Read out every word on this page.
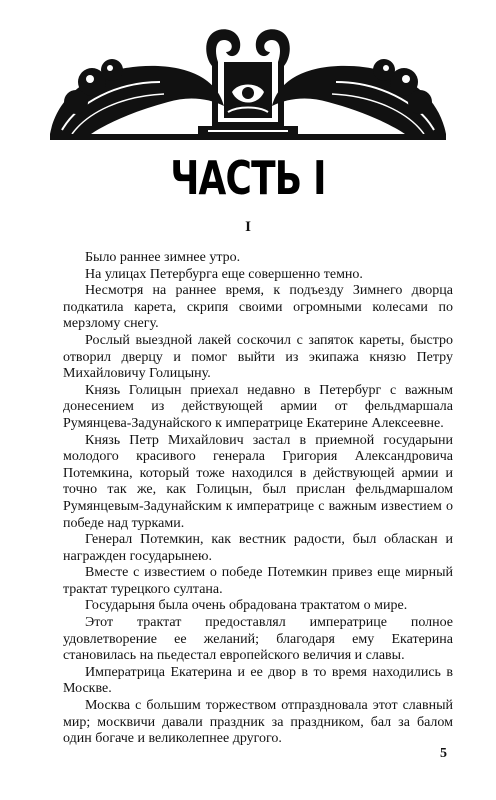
ЧАСТЬ I
I

Было раннее зимнее утро.

На улицах Петербурга еще совершенно темно.

Несмотря на раннее время, к подъезду Зимнего дворца подкатила карета, скрипя своими огромными колесами по мерзлому снегу.

Рослый выездной лакей соскочил с запяток кареты, быстро отворил дверцу и помог выйти из экипажа князю Петру Михайловичу Голицыну.

Князь Голицын приехал недавно в Петербург с важным донесением из действующей армии от фельдмаршала Румянцева-Задунайского к императрице Екатерине Алексеевне.

Князь Петр Михайлович застал в приемной государыни молодого красивого генерала Григория Александровича Потемкина, который тоже находился в действующей армии и точно так же, как Голицын, был прислан фельдмаршалом Румянцевым-Задунайским к императрице с важным известием о победе над турками.

Генерал Потемкин, как вестник радости, был обласкан и награжден государынею.

Вместе с известием о победе Потемкин привез еще мирный трактат турецкого султана.

Государыня была очень обрадована трактатом о мире.

Этот трактат предоставлял императрице полное удовлетворение ее желаний; благодаря ему Екатерина становилась на пьедестал европейского величия и славы.

Императрица Екатерина и ее двор в то время находились в Москве.

Москва с большим торжеством отпраздновала этот славный мир; москвичи давали праздник за праздником, бал за балом один богаче и великолепнее другого.

5
